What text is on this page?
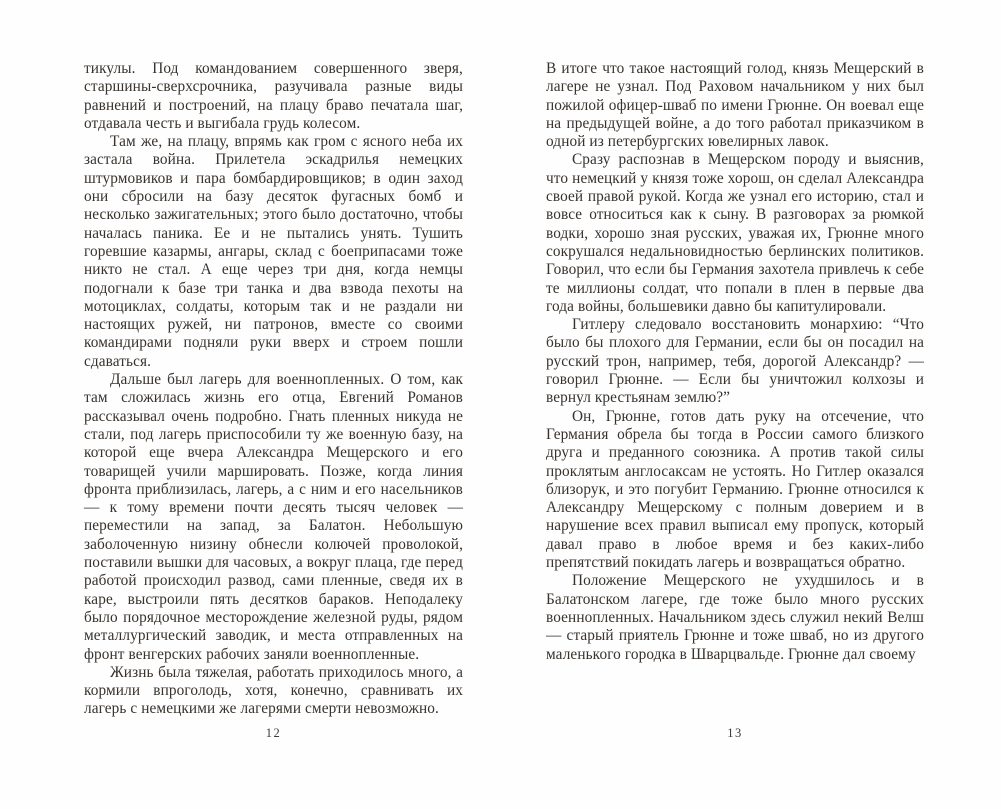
тикулы. Под командованием совершенного зверя, старшины-сверхсрочника, разучивала разные виды равнений и построений, на плацу браво печатала шаг, отдавала честь и выгибала грудь колесом.

Там же, на плацу, впрямь как гром с ясного неба их застала война. Прилетела эскадрилья немецких штурмовиков и пара бомбардировщиков; в один заход они сбросили на базу десяток фугасных бомб и несколько зажигательных; этого было достаточно, чтобы началась паника. Ее и не пытались унять. Тушить горевшие казармы, ангары, склад с боеприпасами тоже никто не стал. А еще через три дня, когда немцы подогнали к базе три танка и два взвода пехоты на мотоциклах, солдаты, которым так и не раздали ни настоящих ружей, ни патронов, вместе со своими командирами подняли руки вверх и строем пошли сдаваться.

Дальше был лагерь для военнопленных. О том, как там сложилась жизнь его отца, Евгений Романов рассказывал очень подробно. Гнать пленных никуда не стали, под лагерь приспособили ту же военную базу, на которой еще вчера Александра Мещерского и его товарищей учили маршировать. Позже, когда линия фронта приблизилась, лагерь, а с ним и его насельников — к тому времени почти десять тысяч человек — переместили на запад, за Балатон. Небольшую заболоченную низину обнесли колючей проволокой, поставили вышки для часовых, а вокруг плаца, где перед работой происходил развод, сами пленные, сведя их в каре, выстроили пять десятков бараков. Неподалеку было порядочное месторождение железной руды, рядом металлургический заводик, и места отправленных на фронт венгерских рабочих заняли военнопленные.

Жизнь была тяжелая, работать приходилось много, а кормили впроголодь, хотя, конечно, сравнивать их лагерь с немецкими же лагерями смерти невозможно.

12

В итоге что такое настоящий голод, князь Мещерский в лагере не узнал. Под Раховом начальником у них был пожилой офицер-шваб по имени Грюнне. Он воевал еще на предыдущей войне, а до того работал приказчиком в одной из петербургских ювелирных лавок.

Сразу распознав в Мещерском породу и выяснив, что немецкий у князя тоже хорош, он сделал Александра своей правой рукой. Когда же узнал его историю, стал и вовсе относиться как к сыну. В разговорах за рюмкой водки, хорошо зная русских, уважая их, Грюнне много сокрушался недальновидностью берлинских политиков. Говорил, что если бы Германия захотела привлечь к себе те миллионы солдат, что попали в плен в первые два года войны, большевики давно бы капитулировали.

Гитлеру следовало восстановить монархию: “Что было бы плохого для Германии, если бы он посадил на русский трон, например, тебя, дорогой Александр? — говорил Грюнне. — Если бы уничтожил колхозы и вернул крестьянам землю?”

Он, Грюнне, готов дать руку на отсечение, что Германия обрела бы тогда в России самого близкого друга и преданного союзника. А против такой силы проклятым англосаксам не устоять. Но Гитлер оказался близорук, и это погубит Германию. Грюнне относился к Александру Мещерскому с полным доверием и в нарушение всех правил выписал ему пропуск, который давал право в любое время и без каких-либо препятствий покидать лагерь и возвращаться обратно.

Положение Мещерского не ухудшилось и в Балатонском лагере, где тоже было много русских военнопленных. Начальником здесь служил некий Велш — старый приятель Грюнне и тоже шваб, но из другого маленького городка в Шварцвальде. Грюнне дал своему

13
